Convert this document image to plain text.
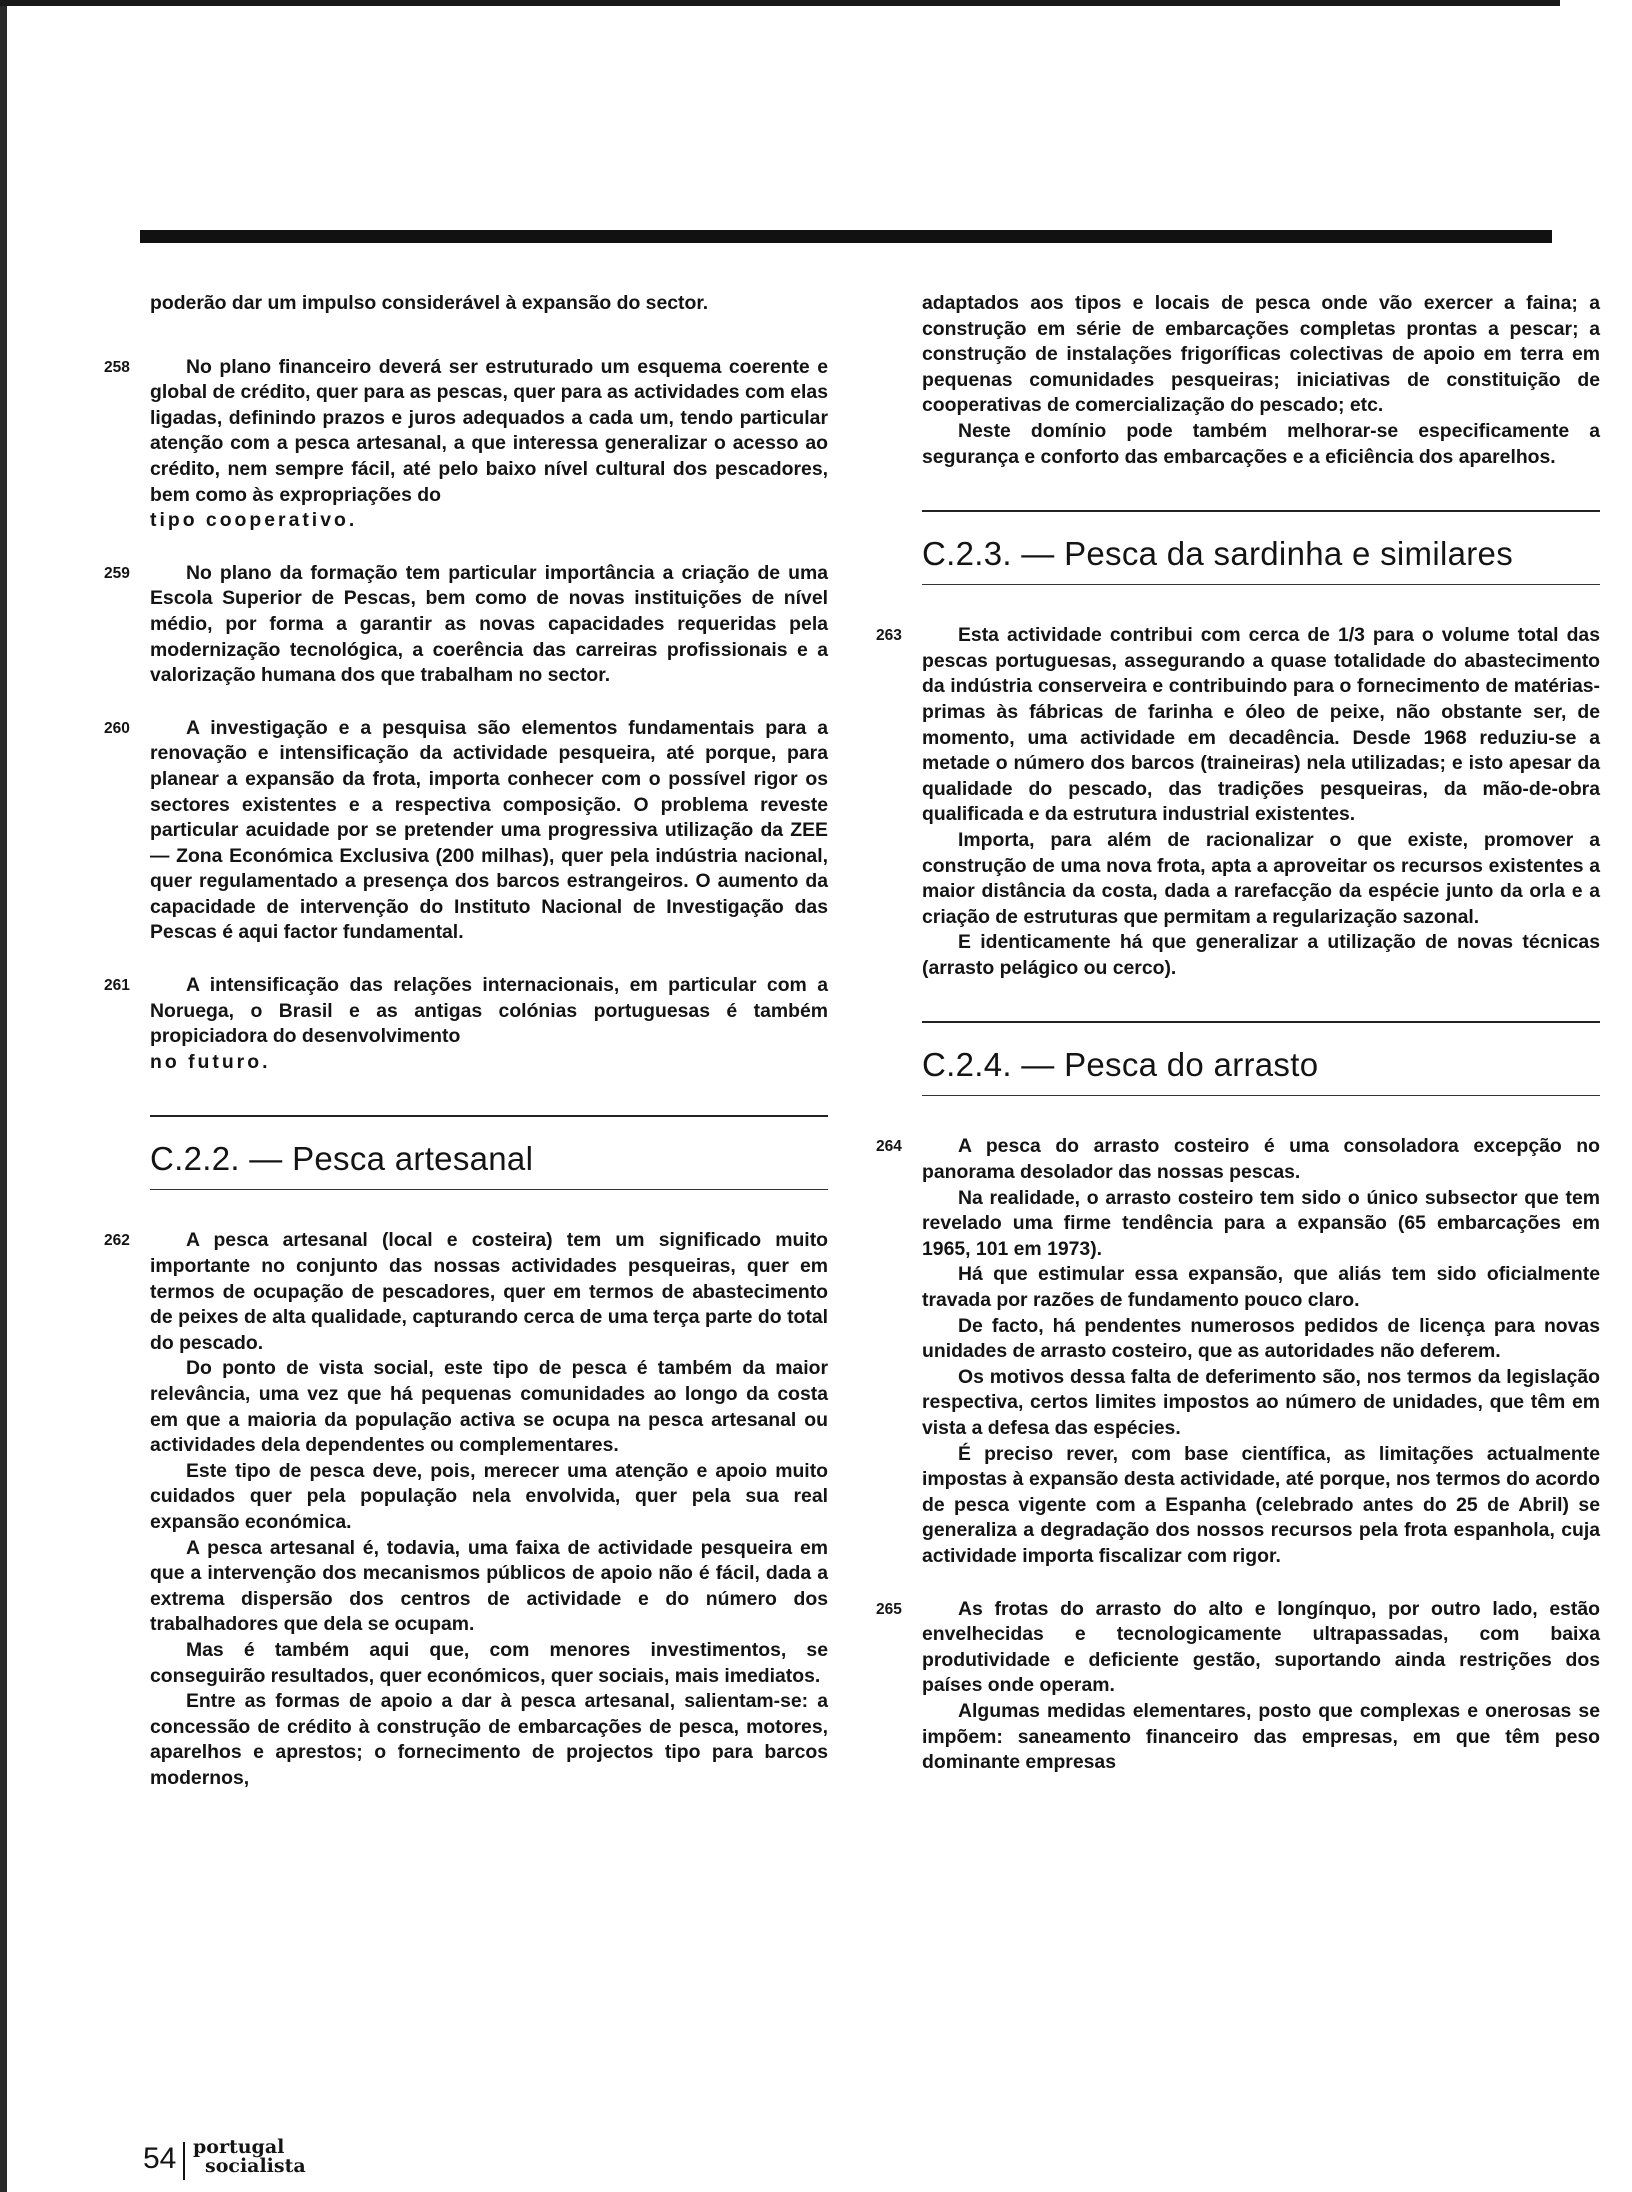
poderão dar um impulso considerável à expansão do sector.

258	No plano financeiro deverá ser estruturado um esquema coerente e global de crédito, quer para as pescas, quer para as actividades com elas ligadas, definindo prazos e juros adequados a cada um, tendo particular atenção com a pesca artesanal, a que interessa generalizar o acesso ao crédito, nem sempre fácil, até pelo baixo nível cultural dos pescadores, bem como às expropriações do

tipo cooperativo.

259	No plano da formação tem particular importância a criação de uma Escola Superior de Pescas, bem como de novas instituições de nível médio, por forma a garantir as novas capacidades requeridas pela modernização tecnológica, a coerência das carreiras profissionais e a valorização humana dos que trabalham no sector.

260	A investigação e a pesquisa são elementos fundamentais para a renovação e intensificação da actividade pesqueira, até porque, para planear a expansão da frota, importa conhecer com o possível rigor os sectores existentes e a respectiva composição. O problema reveste particular acuidade por se pretender uma progressiva utilização da ZEE — Zona Económica Exclusiva (200 milhas), quer pela indústria nacional, quer regulamentado a presença dos barcos estrangeiros. O aumento da capacidade de intervenção do Instituto Nacional de Investigação das Pescas é aqui factor fundamental.

261	A intensificação das relações internacionais, em particular com a Noruega, o Brasil e as antigas colónias portuguesas é também propiciadora do desenvolvimento

no futuro.

C.2.2. — Pesca artesanal
262	A pesca artesanal (local e costeira) tem um significado muito importante no conjunto das nossas actividades pesqueiras, quer em termos de ocupação de pescadores, quer em termos de abastecimento de peixes de alta qualidade, capturando cerca de uma terça parte do total do pescado.

Do ponto de vista social, este tipo de pesca é também da maior relevância, uma vez que há pequenas comunidades ao longo da costa em que a maioria da população activa se ocupa na pesca artesanal ou actividades dela dependentes ou complementares.

Este tipo de pesca deve, pois, merecer uma atenção e apoio muito cuidados quer pela população nela envolvida, quer pela sua real expansão económica.

A pesca artesanal é, todavia, uma faixa de actividade pesqueira em que a intervenção dos mecanismos públicos de apoio não é fácil, dada a extrema dispersão dos centros de actividade e do número dos trabalhadores que dela se ocupam.

Mas é também aqui que, com menores investimentos, se conseguirão resultados, quer económicos, quer sociais, mais imediatos.

Entre as formas de apoio a dar à pesca artesanal, salientam-se: a concessão de crédito à construção de embarcações de pesca, motores, aparelhos e aprestos; o fornecimento de projectos tipo para barcos modernos,

adaptados aos tipos e locais de pesca onde vão exercer a faina; a construção em série de embarcações completas prontas a pescar; a construção de instalações frigoríficas colectivas de apoio em terra em pequenas comunidades pesqueiras; iniciativas de constituição de cooperativas de comercialização do pescado; etc.

Neste domínio pode também melhorar-se especificamente a segurança e conforto das embarcações e a eficiência dos aparelhos.

C.2.3. — Pesca da sardinha e similares
263	Esta actividade contribui com cerca de 1/3 para o volume total das pescas portuguesas, assegurando a quase totalidade do abastecimento da indústria conserveira e contribuindo para o fornecimento de matérias-primas às fábricas de farinha e óleo de peixe, não obstante ser, de momento, uma actividade em decadência. Desde 1968 reduziu-se a metade o número dos barcos (traineiras) nela utilizadas; e isto apesar da qualidade do pescado, das tradições pesqueiras, da mão-de-obra qualificada e da estrutura industrial existentes.

Importa, para além de racionalizar o que existe, promover a construção de uma nova frota, apta a aproveitar os recursos existentes a maior distância da costa, dada a rarefacção da espécie junto da orla e a criação de estruturas que permitam a regularização sazonal.

E identicamente há que generalizar a utilização de novas técnicas (arrasto pelágico ou cerco).

C.2.4. — Pesca do arrasto
264	A pesca do arrasto costeiro é uma consoladora excepção no panorama desolador das nossas pescas.

Na realidade, o arrasto costeiro tem sido o único subsector que tem revelado uma firme tendência para a expansão (65 embarcações em 1965, 101 em 1973).

Há que estimular essa expansão, que aliás tem sido oficialmente travada por razões de fundamento pouco claro.

De facto, há pendentes numerosos pedidos de licença para novas unidades de arrasto costeiro, que as autoridades não deferem.

Os motivos dessa falta de deferimento são, nos termos da legislação respectiva, certos limites impostos ao número de unidades, que têm em vista a defesa das espécies.

É preciso rever, com base científica, as limitações actualmente impostas à expansão desta actividade, até porque, nos termos do acordo de pesca vigente com a Espanha (celebrado antes do 25 de Abril) se generaliza a degradação dos nossos recursos pela frota espanhola, cuja actividade importa fiscalizar com rigor.

265	As frotas do arrasto do alto e longínquo, por outro lado, estão envelhecidas e tecnologicamente ultrapassadas, com baixa produtividade e deficiente gestão, suportando ainda restrições dos países onde operam.

Algumas medidas elementares, posto que complexas e onerosas se impõem: saneamento financeiro das empresas, em que têm peso dominante empresas

54 portugal
socialista
